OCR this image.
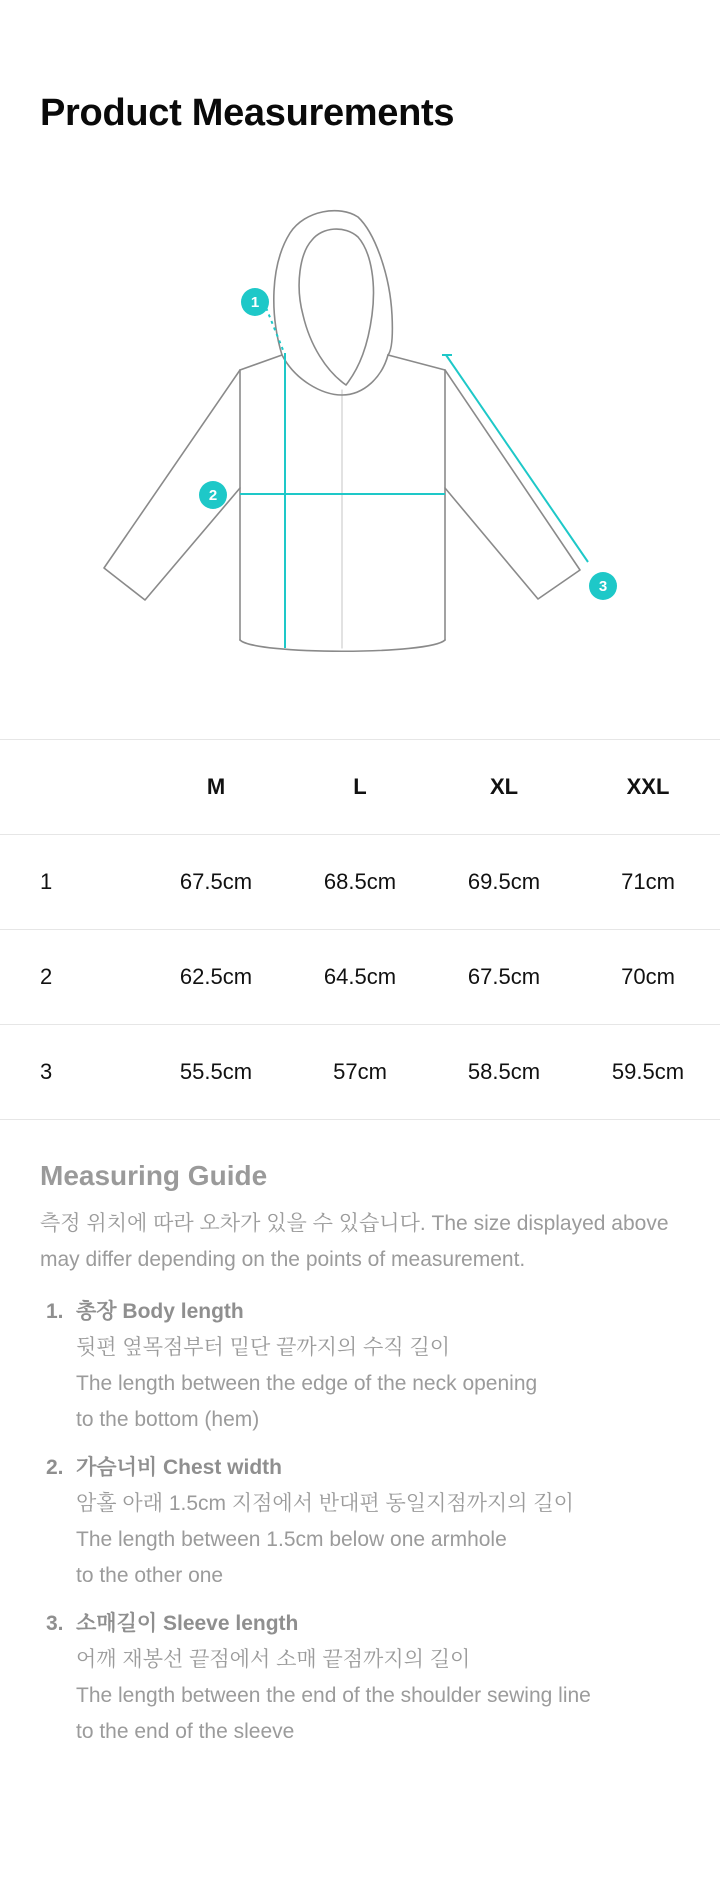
Product Measurements
1
2
3
	M	L	XL	XXL
1	67.5cm	68.5cm	69.5cm	71cm
2	62.5cm	64.5cm	67.5cm	70cm
3	55.5cm	57cm	58.5cm	59.5cm
Measuring Guide

측정 위치에 따라 오차가 있을 수 있습니다. The size displayed above may differ depending on the points of measurement.

1. 총장 Body length
뒷편 옆목점부터 밑단 끝까지의 수직 길이
The length between the edge of the neck opening
to the bottom (hem)
2. 가슴너비 Chest width
암홀 아래 1.5cm 지점에서 반대편 동일지점까지의 길이
The length between 1.5cm below one armhole
to the other one
3. 소매길이 Sleeve length
어깨 재봉선 끝점에서 소매 끝점까지의 길이
The length between the end of the shoulder sewing line
to the end of the sleeve
